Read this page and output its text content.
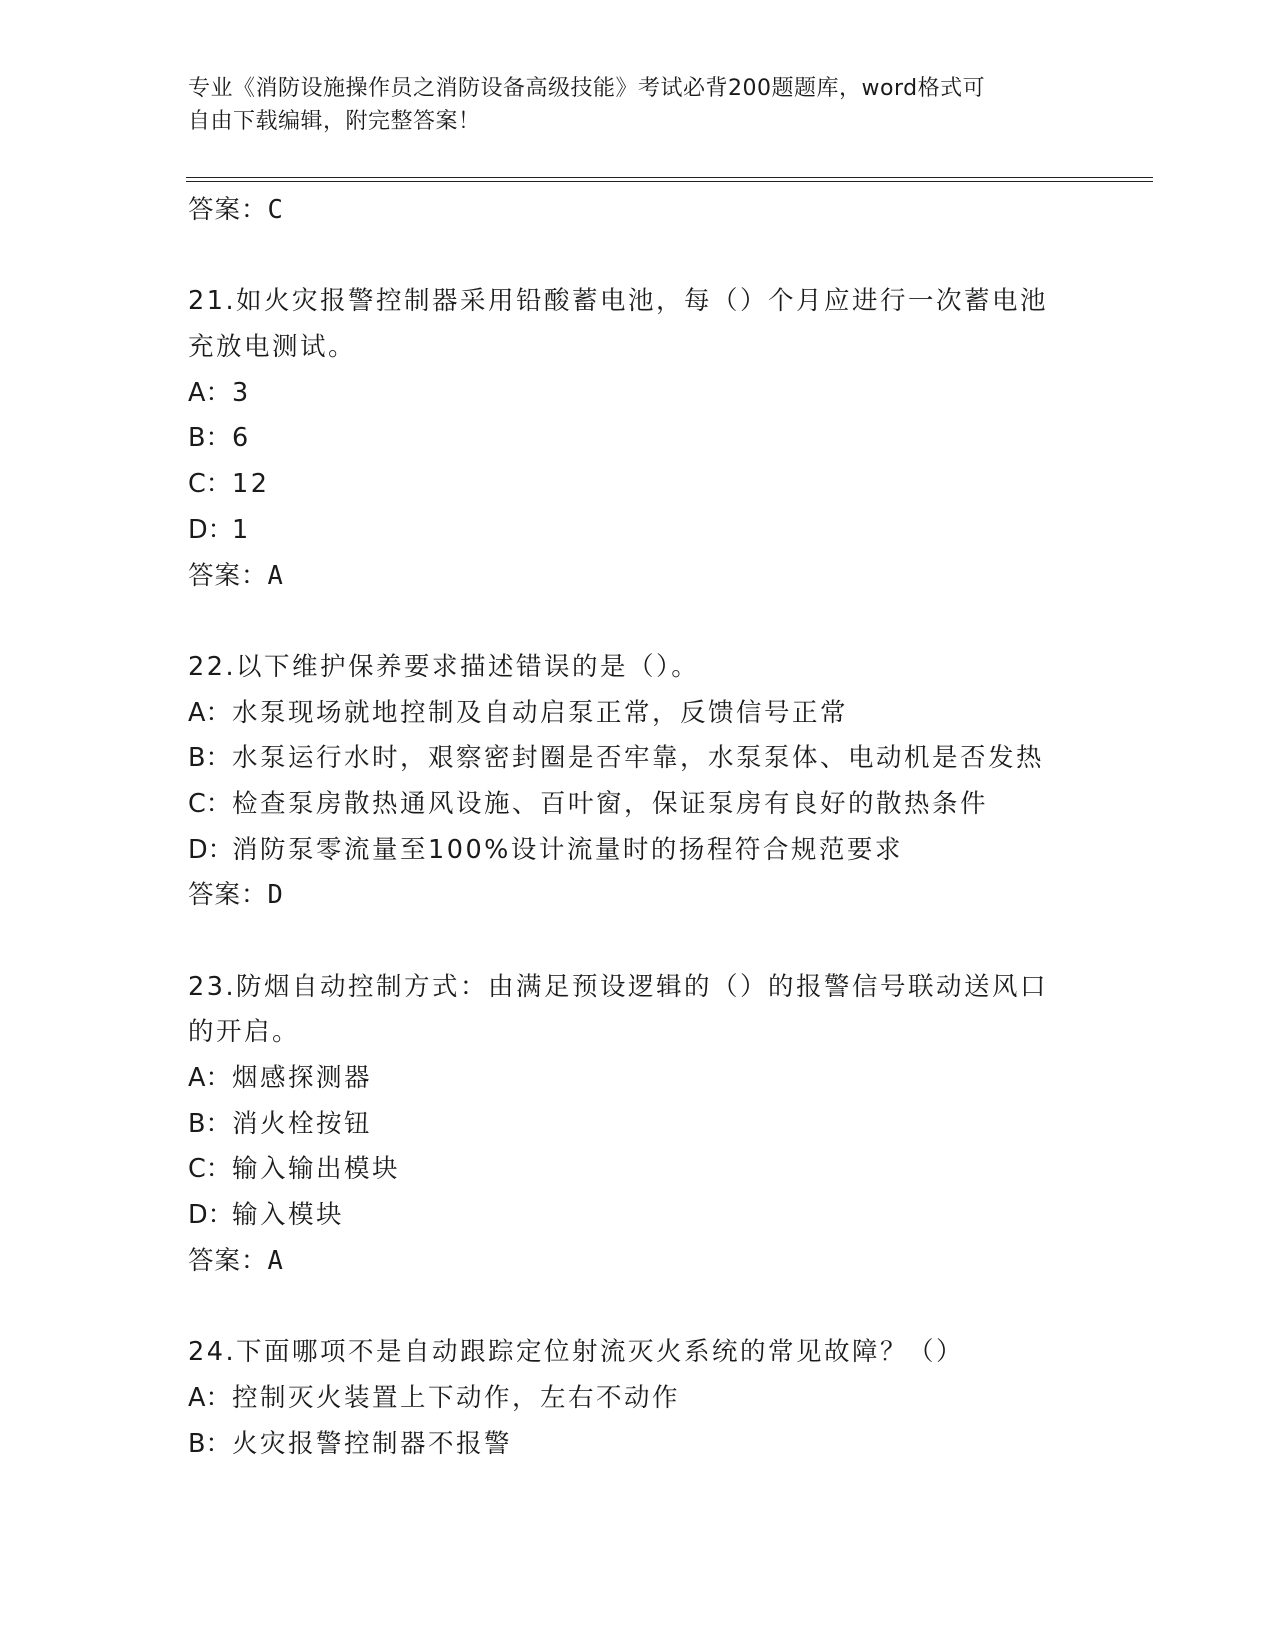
专业《消防设施操作员之消防设备高级技能》考试必背200题题库，word格式可
自由下载编辑，附完整答案！
答案：C
21.如火灾报警控制器采用铅酸蓄电池，每（）个月应进行一次蓄电池
充放电测试。
A：3
B：6
C：12
D：1
答案：A
22.以下维护保养要求描述错误的是（）。
A：水泵现场就地控制及自动启泵正常，反馈信号正常
B：水泵运行水时，艰察密封圈是否牢靠，水泵泵体、电动机是否发热
C：检查泵房散热通风设施、百叶窗，保证泵房有良好的散热条件
D：消防泵零流量至100%设计流量时的扬程符合规范要求
答案：D
23.防烟自动控制方式：由满足预设逻辑的（）的报警信号联动送风口
的开启。
A：烟感探测器
B：消火栓按钮
C：输入输出模块
D：输入模块
答案：A
24.下面哪项不是自动跟踪定位射流灭火系统的常见故障？（）
A：控制灭火装置上下动作，左右不动作
B：火灾报警控制器不报警
